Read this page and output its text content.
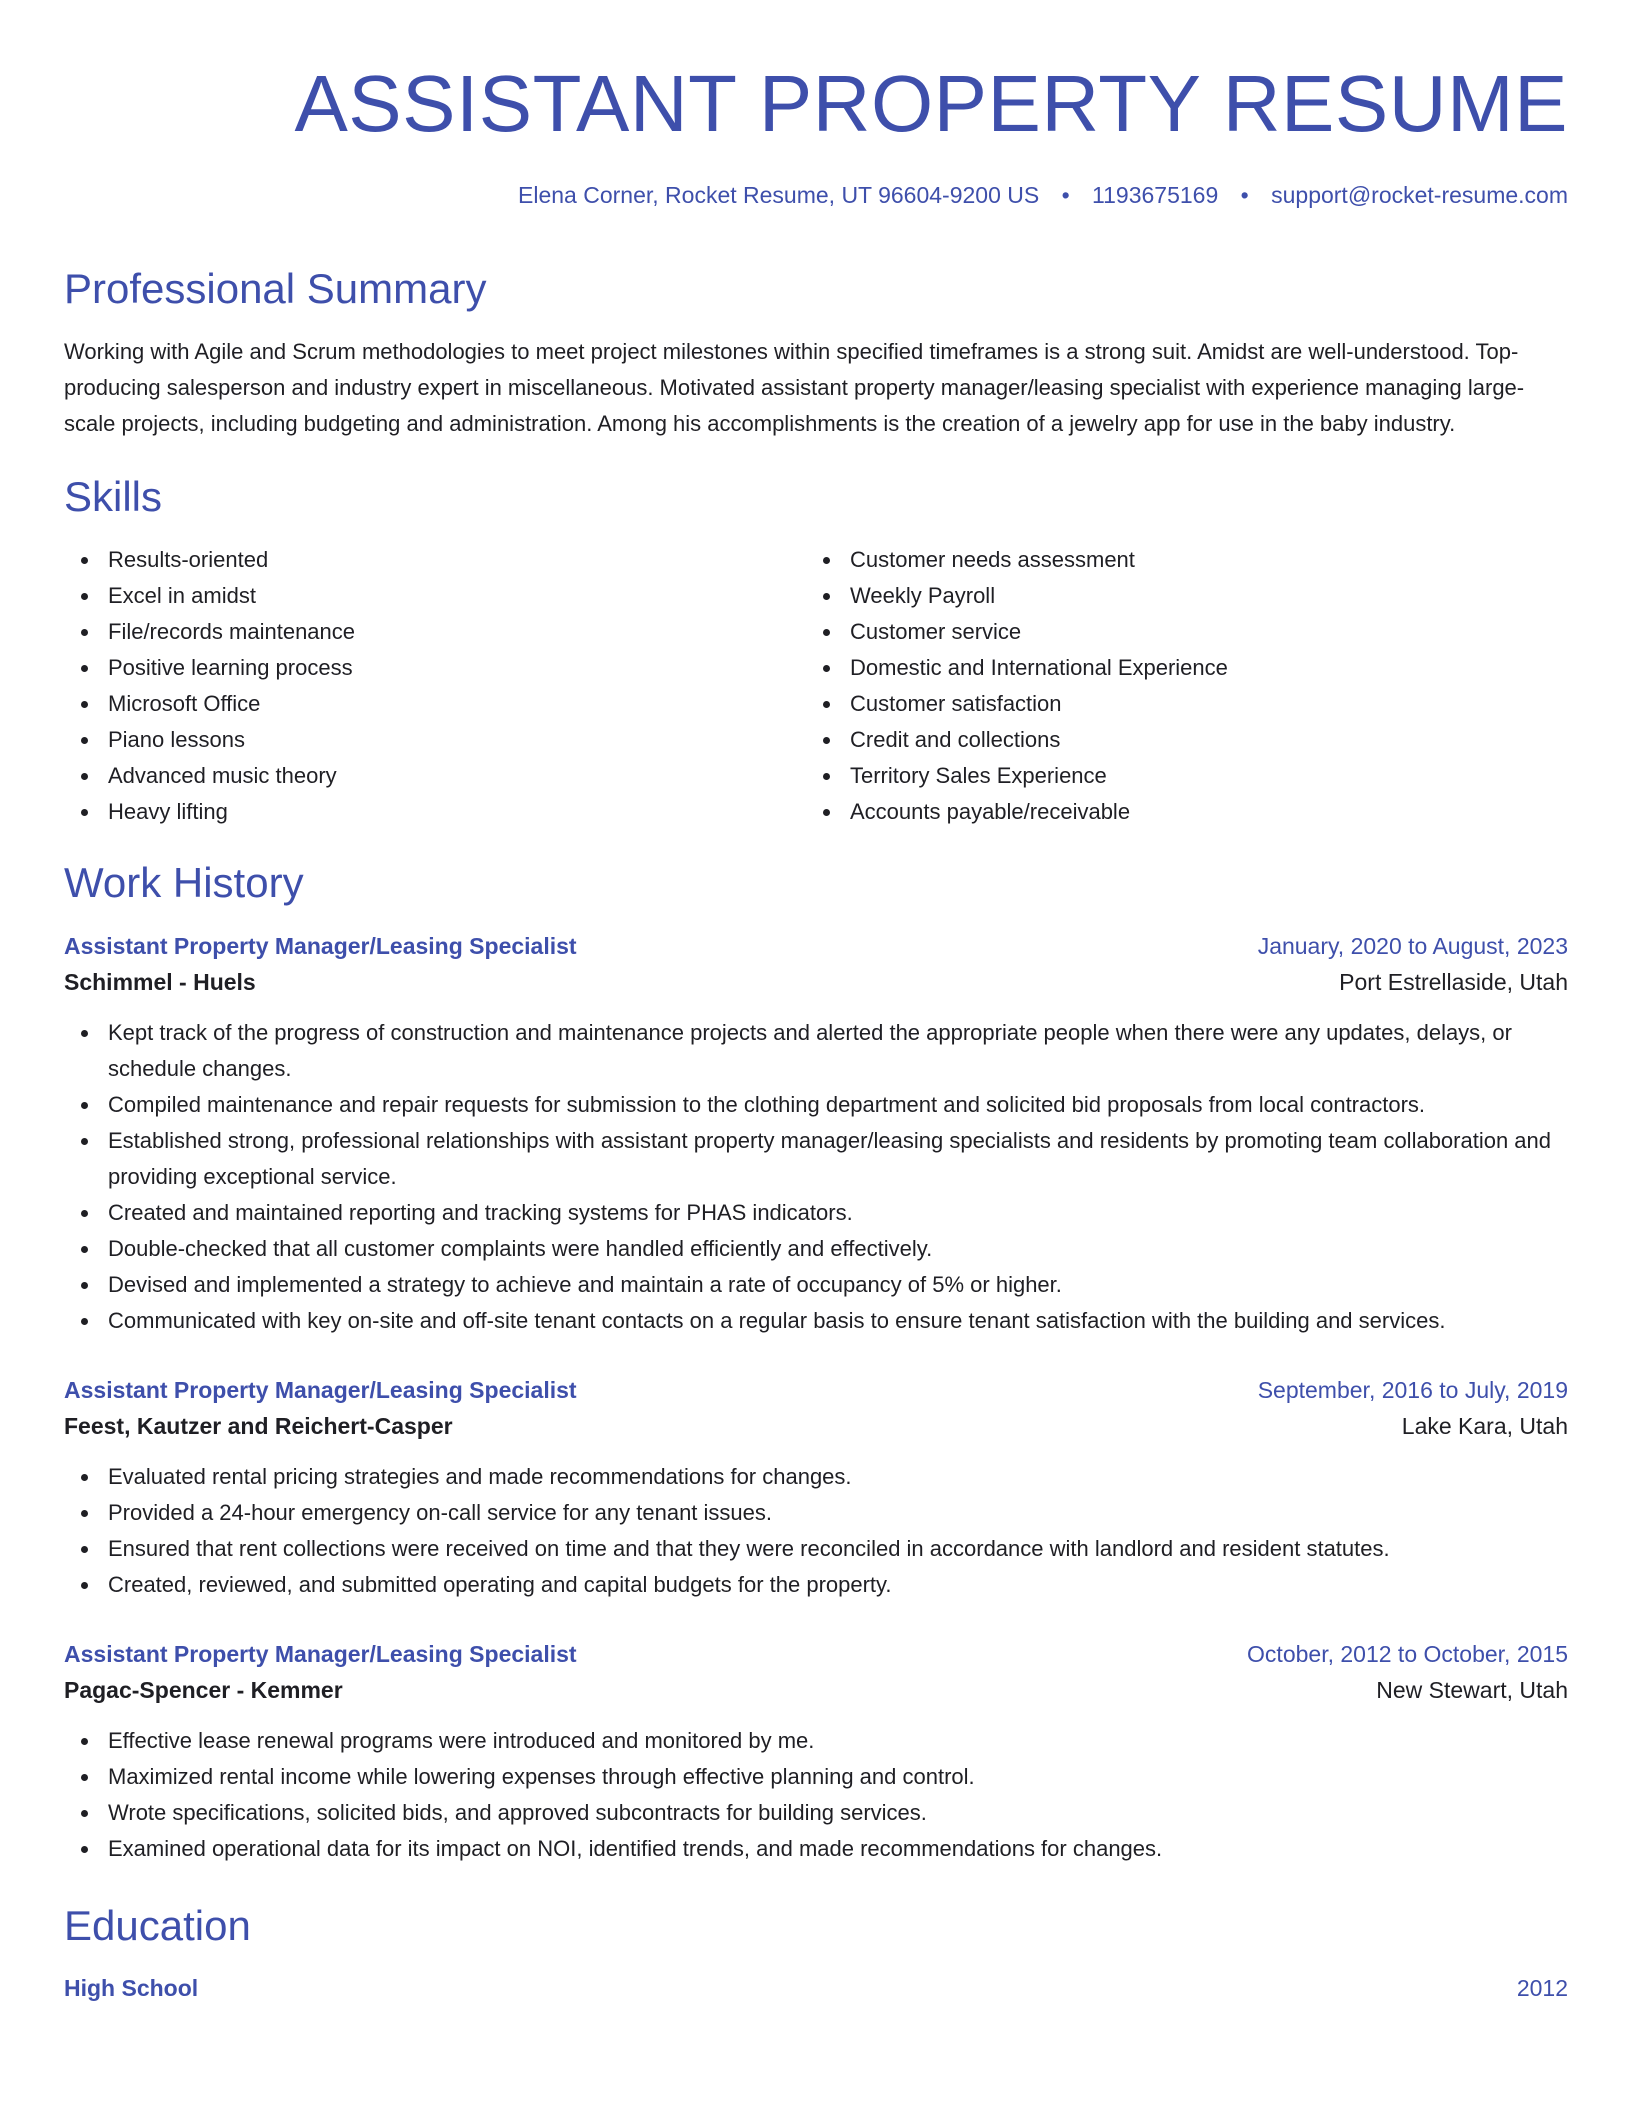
ASSISTANT PROPERTY RESUME
Elena Corner, Rocket Resume, UT 96604-9200 US • 1193675169 • support@rocket-resume.com
Professional Summary

Working with Agile and Scrum methodologies to meet project milestones within specified timeframes is a strong suit. Amidst are well-understood. Top-producing salesperson and industry expert in miscellaneous. Motivated assistant property manager/leasing specialist with experience managing large-scale projects, including budgeting and administration. Among his accomplishments is the creation of a jewelry app for use in the baby industry.

Skills
Results-oriented
Excel in amidst
File/records maintenance
Positive learning process
Microsoft Office
Piano lessons
Advanced music theory
Heavy lifting
Customer needs assessment
Weekly Payroll
Customer service
Domestic and International Experience
Customer satisfaction
Credit and collections
Territory Sales Experience
Accounts payable/receivable
Work History
Assistant Property Manager/Leasing Specialist	January, 2020 to August, 2023
Schimmel - Huels	Port Estrellaside, Utah
Kept track of the progress of construction and maintenance projects and alerted the appropriate people when there were any updates, delays, or schedule changes.
Compiled maintenance and repair requests for submission to the clothing department and solicited bid proposals from local contractors.
Established strong, professional relationships with assistant property manager/leasing specialists and residents by promoting team collaboration and providing exceptional service.
Created and maintained reporting and tracking systems for PHAS indicators.
Double-checked that all customer complaints were handled efficiently and effectively.
Devised and implemented a strategy to achieve and maintain a rate of occupancy of 5% or higher.
Communicated with key on-site and off-site tenant contacts on a regular basis to ensure tenant satisfaction with the building and services.
Assistant Property Manager/Leasing Specialist	September, 2016 to July, 2019
Feest, Kautzer and Reichert-Casper	Lake Kara, Utah
Evaluated rental pricing strategies and made recommendations for changes.
Provided a 24-hour emergency on-call service for any tenant issues.
Ensured that rent collections were received on time and that they were reconciled in accordance with landlord and resident statutes.
Created, reviewed, and submitted operating and capital budgets for the property.
Assistant Property Manager/Leasing Specialist	October, 2012 to October, 2015
Pagac-Spencer - Kemmer	New Stewart, Utah
Effective lease renewal programs were introduced and monitored by me.
Maximized rental income while lowering expenses through effective planning and control.
Wrote specifications, solicited bids, and approved subcontracts for building services.
Examined operational data for its impact on NOI, identified trends, and made recommendations for changes.
Education
High School	2012
